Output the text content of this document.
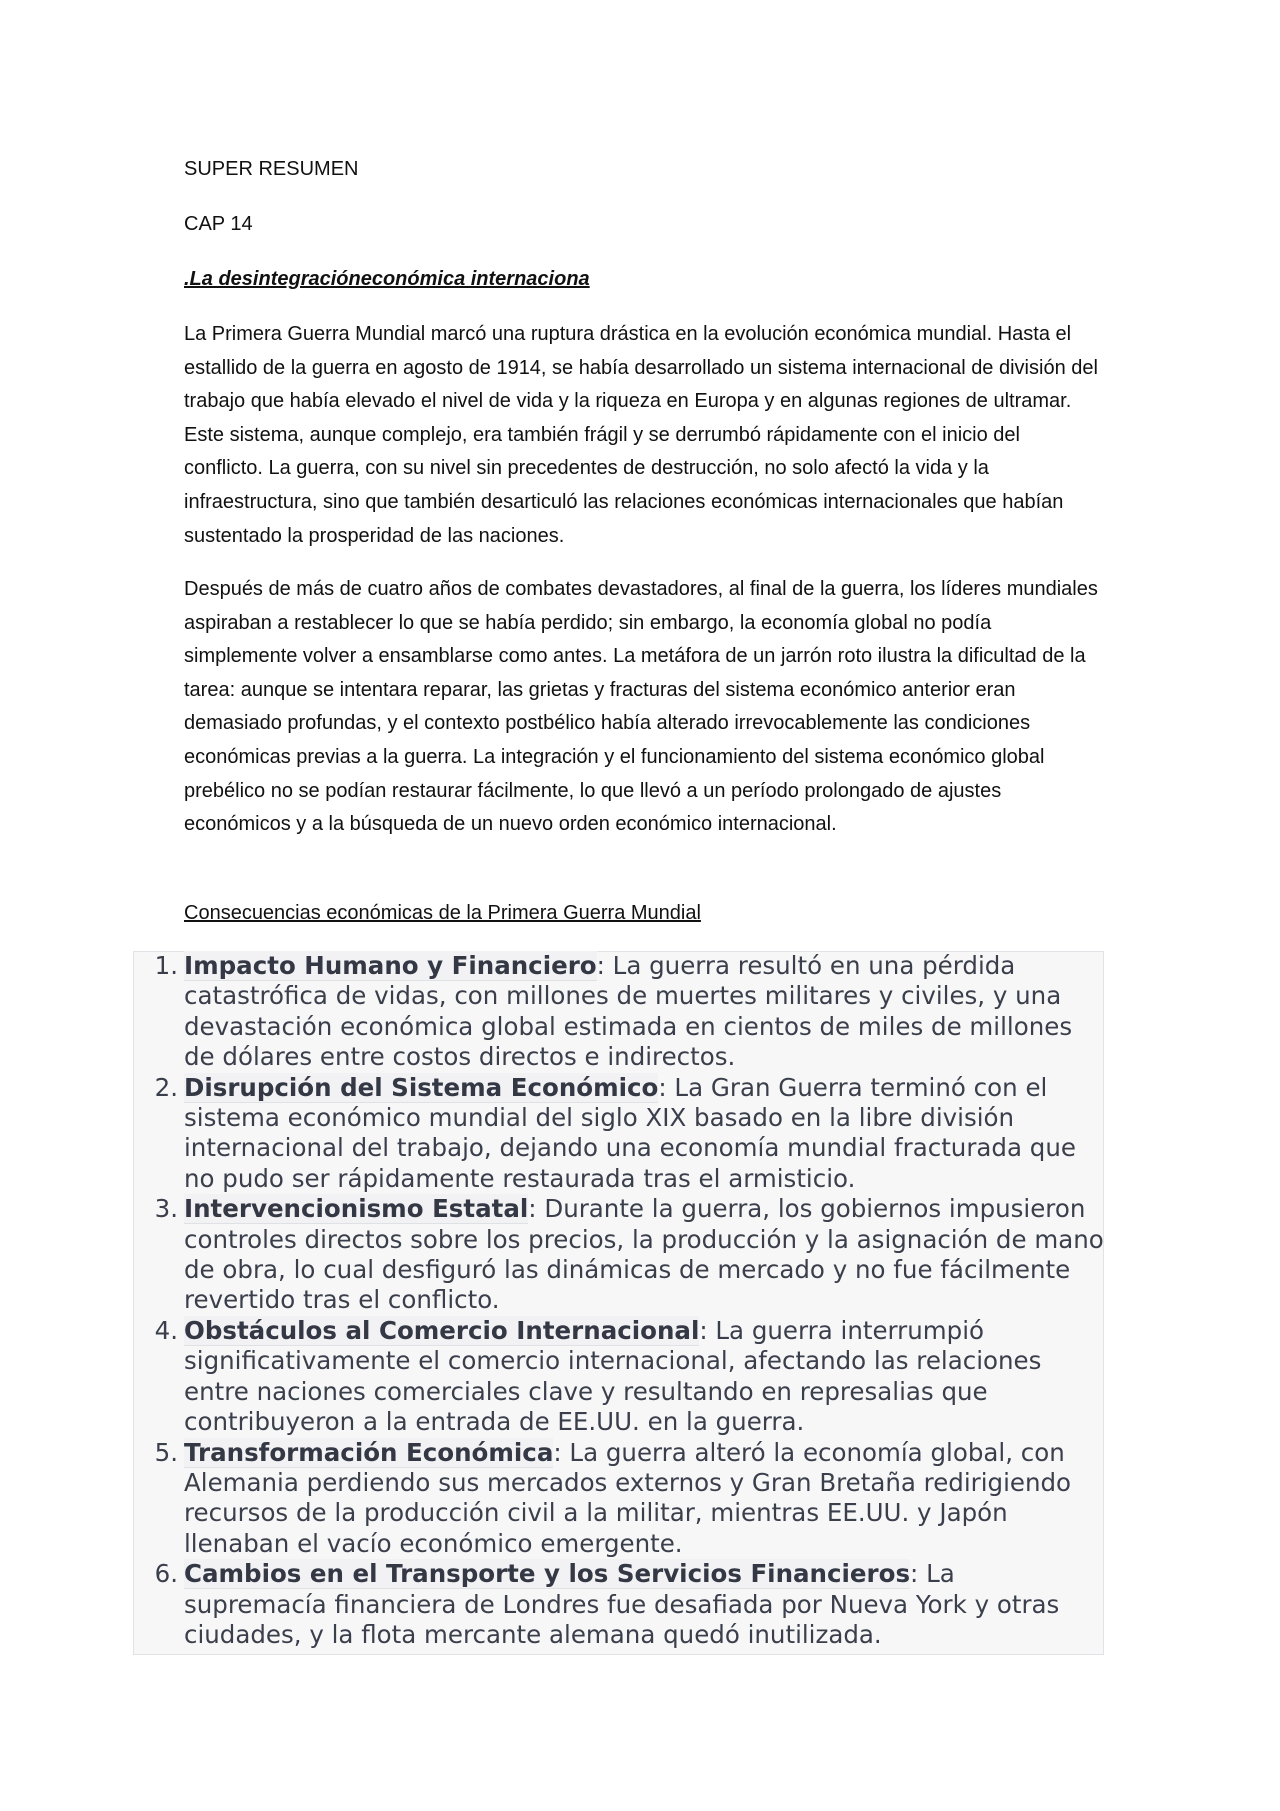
SUPER RESUMEN

CAP 14

.La desintegracióneconómica internaciona

La Primera Guerra Mundial marcó una ruptura drástica en la evolución económica mundial. Hasta el estallido de la guerra en agosto de 1914, se había desarrollado un sistema internacional de división del trabajo que había elevado el nivel de vida y la riqueza en Europa y en algunas regiones de ultramar. Este sistema, aunque complejo, era también frágil y se derrumbó rápidamente con el inicio del conflicto. La guerra, con su nivel sin precedentes de destrucción, no solo afectó la vida y la infraestructura, sino que también desarticuló las relaciones económicas internacionales que habían sustentado la prosperidad de las naciones.

Después de más de cuatro años de combates devastadores, al final de la guerra, los líderes mundiales aspiraban a restablecer lo que se había perdido; sin embargo, la economía global no podía simplemente volver a ensamblarse como antes. La metáfora de un jarrón roto ilustra la dificultad de la tarea: aunque se intentara reparar, las grietas y fracturas del sistema económico anterior eran demasiado profundas, y el contexto postbélico había alterado irrevocablemente las condiciones económicas previas a la guerra. La integración y el funcionamiento del sistema económico global prebélico no se podían restaurar fácilmente, lo que llevó a un período prolongado de ajustes económicos y a la búsqueda de un nuevo orden económico internacional.

Consecuencias económicas de la Primera Guerra Mundial

1. Impacto Humano y Financiero: La guerra resultó en una pérdida catastrófica de vidas, con millones de muertes militares y civiles, y una devastación económica global estimada en cientos de miles de millones de dólares entre costos directos e indirectos.
2. Disrupción del Sistema Económico: La Gran Guerra terminó con el sistema económico mundial del siglo XIX basado en la libre división internacional del trabajo, dejando una economía mundial fracturada que no pudo ser rápidamente restaurada tras el armisticio.
3. Intervencionismo Estatal: Durante la guerra, los gobiernos impusieron controles directos sobre los precios, la producción y la asignación de mano de obra, lo cual desfiguró las dinámicas de mercado y no fue fácilmente revertido tras el conflicto.
4. Obstáculos al Comercio Internacional: La guerra interrumpió significativamente el comercio internacional, afectando las relaciones entre naciones comerciales clave y resultando en represalias que contribuyeron a la entrada de EE.UU. en la guerra.
5. Transformación Económica: La guerra alteró la economía global, con Alemania perdiendo sus mercados externos y Gran Bretaña redirigiendo recursos de la producción civil a la militar, mientras EE.UU. y Japón llenaban el vacío económico emergente.
6. Cambios en el Transporte y los Servicios Financieros: La supremacía financiera de Londres fue desafiada por Nueva York y otras ciudades, y la flota mercante alemana quedó inutilizada.
